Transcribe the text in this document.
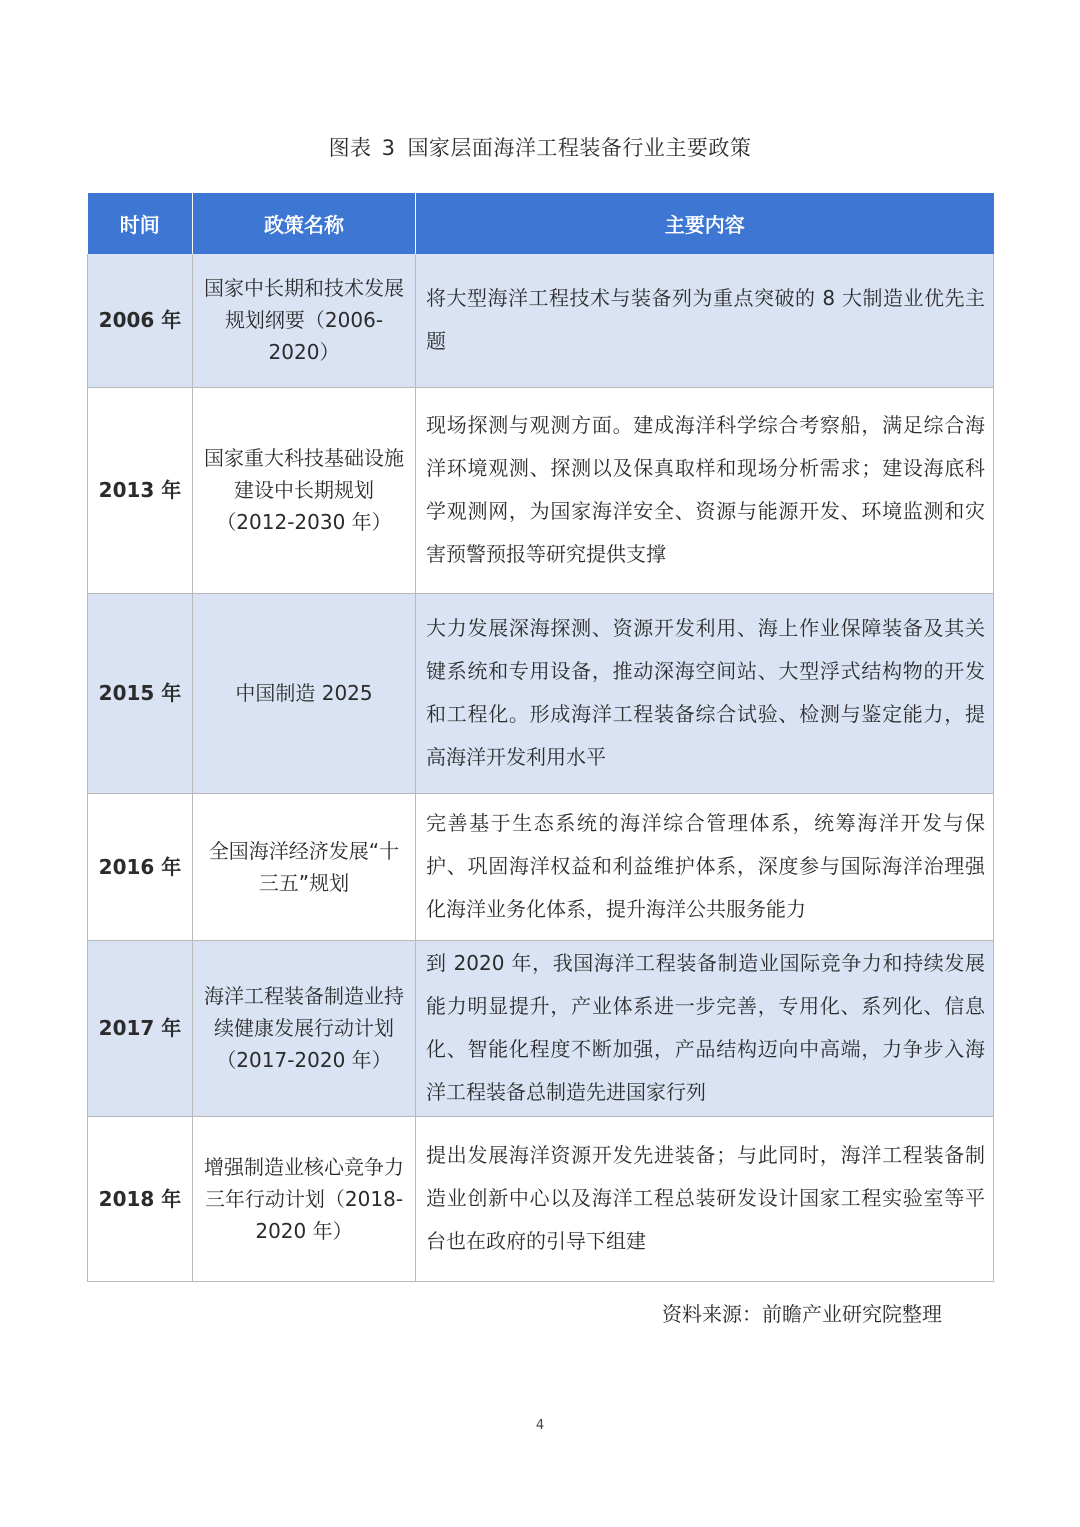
图表 3 国家层面海洋工程装备行业主要政策
时间	政策名称	主要内容
2006 年	国家中长期和技术发展规划纲要（2006-2020）	将大型海洋工程技术与装备列为重点突破的 8 大制造业优先主题
2013 年	国家重大科技基础设施建设中长期规划（2012-2030 年）	现场探测与观测方面。建成海洋科学综合考察船，满足综合海洋环境观测、探测以及保真取样和现场分析需求；建设海底科学观测网，为国家海洋安全、资源与能源开发、环境监测和灾害预警预报等研究提供支撑
2015 年	中国制造 2025	大力发展深海探测、资源开发利用、海上作业保障装备及其关键系统和专用设备，推动深海空间站、大型浮式结构物的开发和工程化。形成海洋工程装备综合试验、检测与鉴定能力，提高海洋开发利用水平
2016 年	全国海洋经济发展“十三五”规划	完善基于生态系统的海洋综合管理体系，统筹海洋开发与保护、巩固海洋权益和利益维护体系，深度参与国际海洋治理强化海洋业务化体系，提升海洋公共服务能力
2017 年	海洋工程装备制造业持续健康发展行动计划（2017-2020 年）	到 2020 年，我国海洋工程装备制造业国际竞争力和持续发展能力明显提升，产业体系进一步完善，专用化、系列化、信息化、智能化程度不断加强，产品结构迈向中高端，力争步入海洋工程装备总制造先进国家行列
2018 年	增强制造业核心竞争力三年行动计划（2018-2020 年）	提出发展海洋资源开发先进装备；与此同时，海洋工程装备制造业创新中心以及海洋工程总装研发设计国家工程实验室等平台也在政府的引导下组建
资料来源：前瞻产业研究院整理
4
